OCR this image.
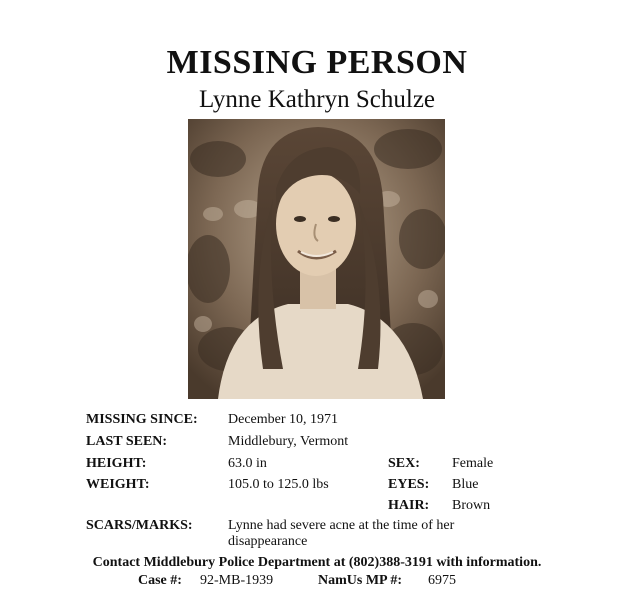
MISSING PERSON
Lynne Kathryn Schulze
MISSING SINCE: December 10, 1971
LAST SEEN:	Middlebury, Vermont
HEIGHT:	63.0 in	SEX: Female
WEIGHT:	105.0 to 125.0 lbs	EYES: Blue
HAIR: Brown
SCARS/MARKS:	Lynne had severe acne at the time of her
disappearance
Contact Middlebury Police Department at (802)388-3191 with information.
Case #: 92-MB-1939	NamUs MP #: 6975
